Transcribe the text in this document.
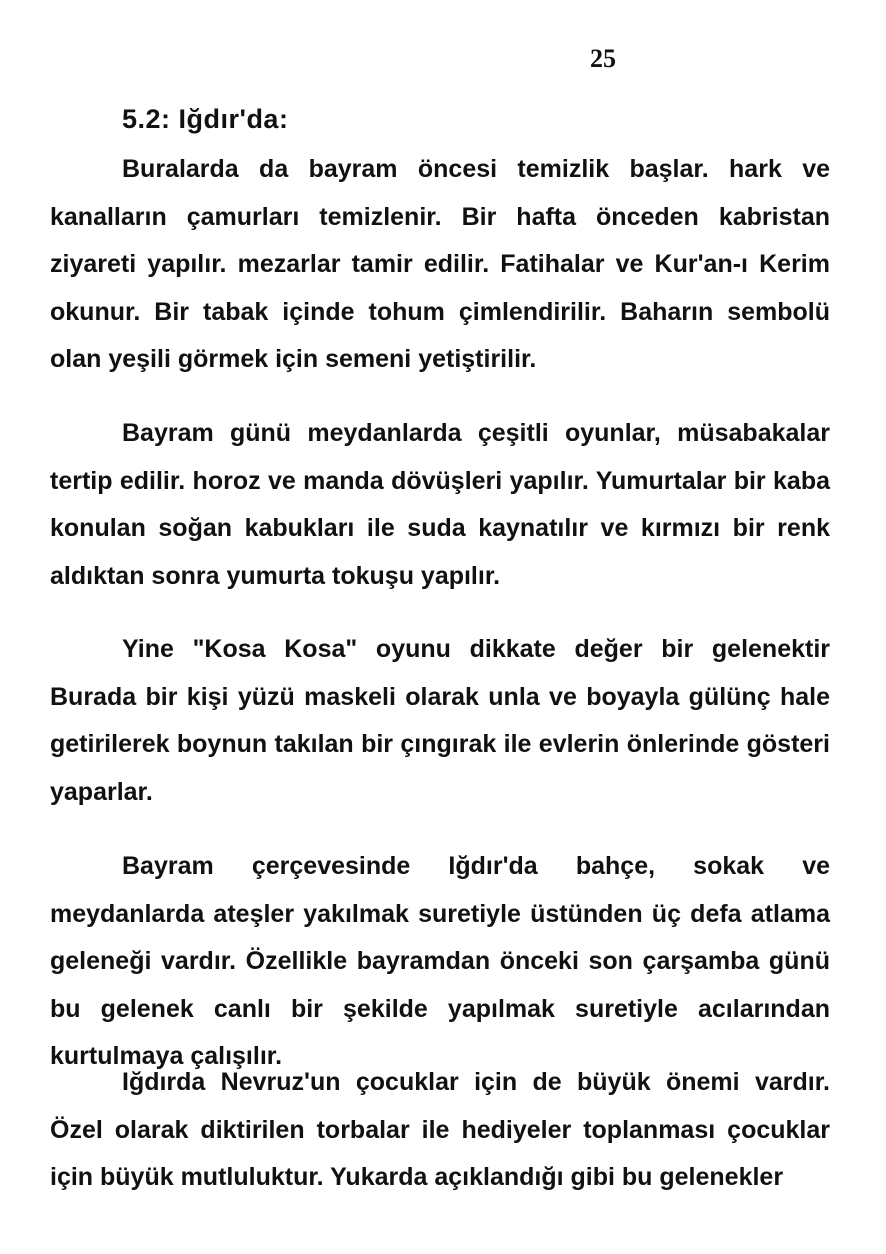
25
5.2: Iğdır'da:

Buralarda da bayram öncesi temizlik başlar. hark ve kanalların çamurları temizlenir. Bir hafta önceden kabristan ziyareti yapılır. mezarlar tamir edilir. Fatihalar ve Kur'an-ı Kerim okunur. Bir tabak içinde tohum çimlendirilir. Baharın sembolü olan yeşili görmek için semeni yetiştirilir.

Bayram günü meydanlarda çeşitli oyunlar, müsabakalar tertip edilir. horoz ve manda dövüşleri yapılır. Yumurtalar bir kaba konulan soğan kabukları ile suda kaynatılır ve kırmızı bir renk aldıktan sonra yumurta tokuşu yapılır.

Yine "Kosa Kosa" oyunu dikkate değer bir gelenektir Burada bir kişi yüzü maskeli olarak unla ve boyayla gülünç hale getirilerek boynun takılan bir çıngırak ile evlerin önlerinde gösteri yaparlar.

Bayram çerçevesinde Iğdır'da bahçe, sokak ve meydanlarda ateşler yakılmak suretiyle üstünden üç defa atlama geleneği vardır. Özellikle bayramdan önceki son çarşamba günü bu gelenek canlı bir şekilde yapılmak suretiyle acılarından kurtulmaya çalışılır.

Iğdırda Nevruz'un çocuklar için de büyük önemi vardır. Özel olarak diktirilen torbalar ile hediyeler toplanması çocuklar için büyük mutluluktur. Yukarda açıklandığı gibi bu gelenekler
